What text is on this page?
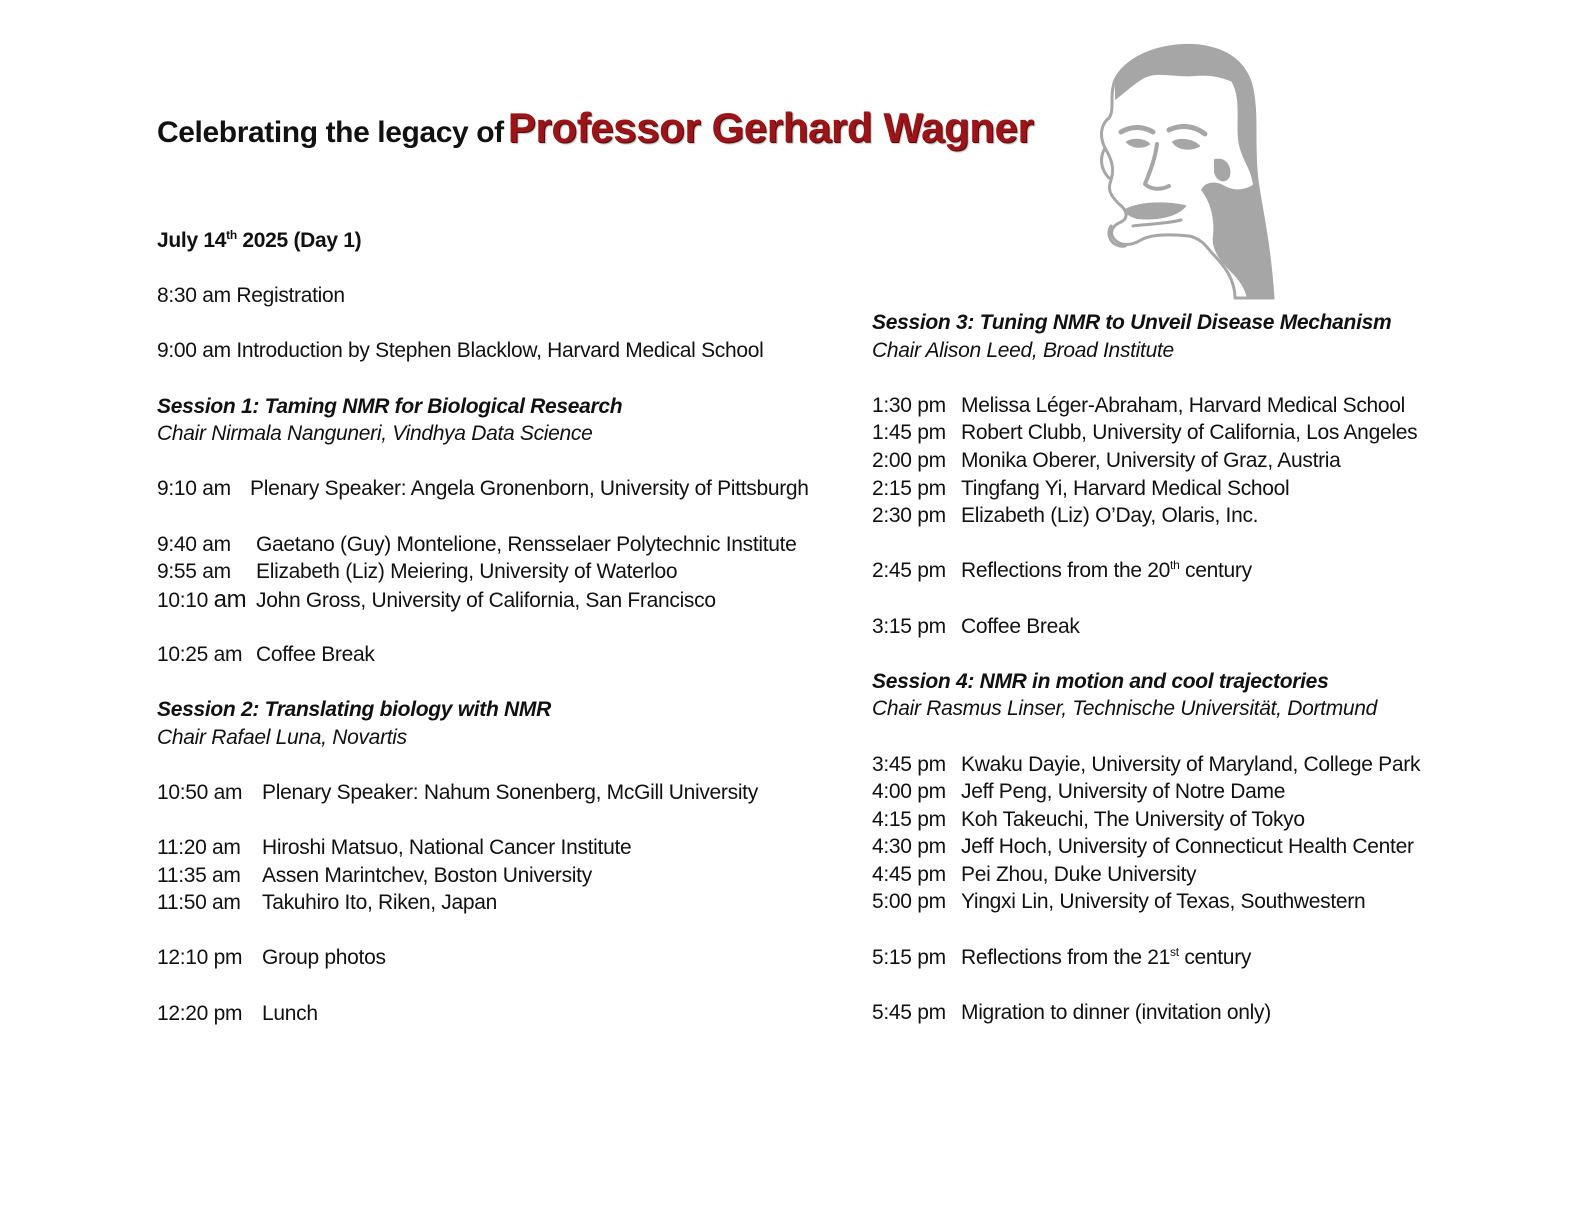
Celebrating the legacy of Professor Gerhard Wagner
July 14th 2025 (Day 1)
8:30 am Registration
9:00 am Introduction by Stephen Blacklow, Harvard Medical School
Session 1: Taming NMR for Biological Research
Chair Nirmala Nanguneri, Vindhya Data Science
9:10 am Plenary Speaker: Angela Gronenborn, University of Pittsburgh
9:40 am Gaetano (Guy) Montelione, Rensselaer Polytechnic Institute
9:55 am Elizabeth (Liz) Meiering, University of Waterloo
10:10 am John Gross, University of California, San Francisco
10:25 am Coffee Break
Session 2: Translating biology with NMR
Chair Rafael Luna, Novartis
10:50 am Plenary Speaker: Nahum Sonenberg, McGill University
11:20 am Hiroshi Matsuo, National Cancer Institute
11:35 am Assen Marintchev, Boston University
11:50 am Takuhiro Ito, Riken, Japan
12:10 pm Group photos
12:20 pm Lunch
Session 3: Tuning NMR to Unveil Disease Mechanism
Chair Alison Leed, Broad Institute
1:30 pm Melissa Léger-Abraham, Harvard Medical School
1:45 pm Robert Clubb, University of California, Los Angeles
2:00 pm Monika Oberer, University of Graz, Austria
2:15 pm Tingfang Yi, Harvard Medical School
2:30 pm Elizabeth (Liz) O’Day, Olaris, Inc.
2:45 pm Reflections from the 20th century
3:15 pm Coffee Break
Session 4: NMR in motion and cool trajectories
Chair Rasmus Linser, Technische Universität, Dortmund
3:45 pm Kwaku Dayie, University of Maryland, College Park
4:00 pm Jeff Peng, University of Notre Dame
4:15 pm Koh Takeuchi, The University of Tokyo
4:30 pm Jeff Hoch, University of Connecticut Health Center
4:45 pm Pei Zhou, Duke University
5:00 pm Yingxi Lin, University of Texas, Southwestern
5:15 pm Reflections from the 21st century
5:45 pm Migration to dinner (invitation only)
